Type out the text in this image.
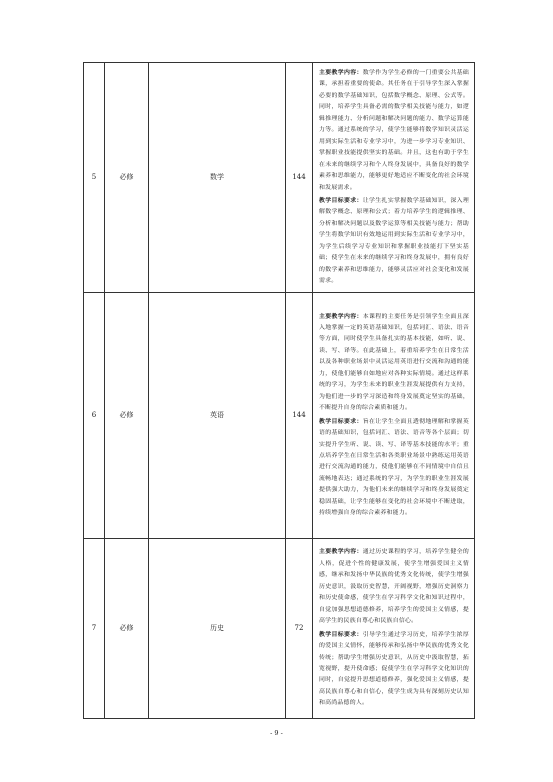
5	必修	数学	144	主要教学内容：数学作为学生必修的一门重要公共基础课，承担着重要的使命。其任务在于引导学生深入掌握必要的数学基础知识，包括数学概念、原理、公式等。同时，培养学生具备必需的数学相关技能与能力，如逻辑推理能力、分析问题和解决问题的能力、数学运算能力等。通过系统的学习，使学生能够将数学知识灵活运用到实际生活和专业学习中，为进一步学习专业知识、掌握职业技能提供坚实的基础。并且，这也有助于学生在未来的继续学习和个人终身发展中，具备良好的数学素养和思维能力，能够更好地适应不断变化的社会环境和发展需求。

教学目标要求：让学生扎实掌握数学基础知识，深入理解数学概念、原理和公式；着力培养学生的逻辑推理、分析和解决问题以及数学运算等相关技能与能力；帮助学生将数学知识有效地运用到实际生活和专业学习中，为学生后续学习专业知识和掌握职业技能打下坚实基础；使学生在未来的继续学习和终身发展中，拥有良好的数学素养和思维能力，能够灵活应对社会变化和发展需求。

6	必修	英语	144	主要教学内容：本课程的主要任务是引领学生全面且深入地掌握一定的英语基础知识，包括词汇、语法、语音等方面，同时使学生具备扎实的基本技能，如听、说、读、写、译等。在此基础上，着重培养学生在日常生活以及各种职业场景中灵活运用英语进行交流和沟通的能力，使他们能够自如地应对各种实际情境。通过这样系统的学习，为学生未来的职业生涯发展提供有力支持，为他们进一步的学习深造和终身发展奠定坚实的基础，不断提升自身的综合素质和能力。

教学目标要求：旨在让学生全面且透彻地理解和掌握英语的基础知识，包括词汇、语法、语音等各个层面；切实提升学生听、说、读、写、译等基本技能的水平；重点培养学生在日常生活和各类职业场景中熟练运用英语进行交流沟通的能力，使他们能够在不同情境中自信且流畅地表达；通过系统的学习，为学生的职业生涯发展提供强大助力，为他们未来的继续学习和终身发展奠定稳固基础，让学生能够在变化的社会环境中不断进取，持续增强自身的综合素养和能力。

7	必修	历史	72	主要教学内容：通过历史课程的学习，培养学生健全的人格，促进个性的健康发展，使学生增强爱国主义情感，继承和发扬中华民族的优秀文化传统，使学生增强历史意识，汲取历史智慧，开阔视野，增强历史洞察力和历史使命感，使学生在学习科学文化和知识过程中，自觉加强思想道德修养，培养学生的爱国主义情感，提高学生的民族自尊心和民族自信心。

教学目标要求：引导学生通过学习历史，培养学生浓厚的爱国主义情怀，能够传承和弘扬中华民族的优秀文化传统；帮助学生增强历史意识，从历史中汲取智慧，拓宽视野，提升使命感；促使学生在学习科学文化知识的同时，自觉提升思想道德修养，强化爱国主义情感，提高民族自尊心和自信心，使学生成为具有深刻历史认知和高尚品德的人。

- 9 -
